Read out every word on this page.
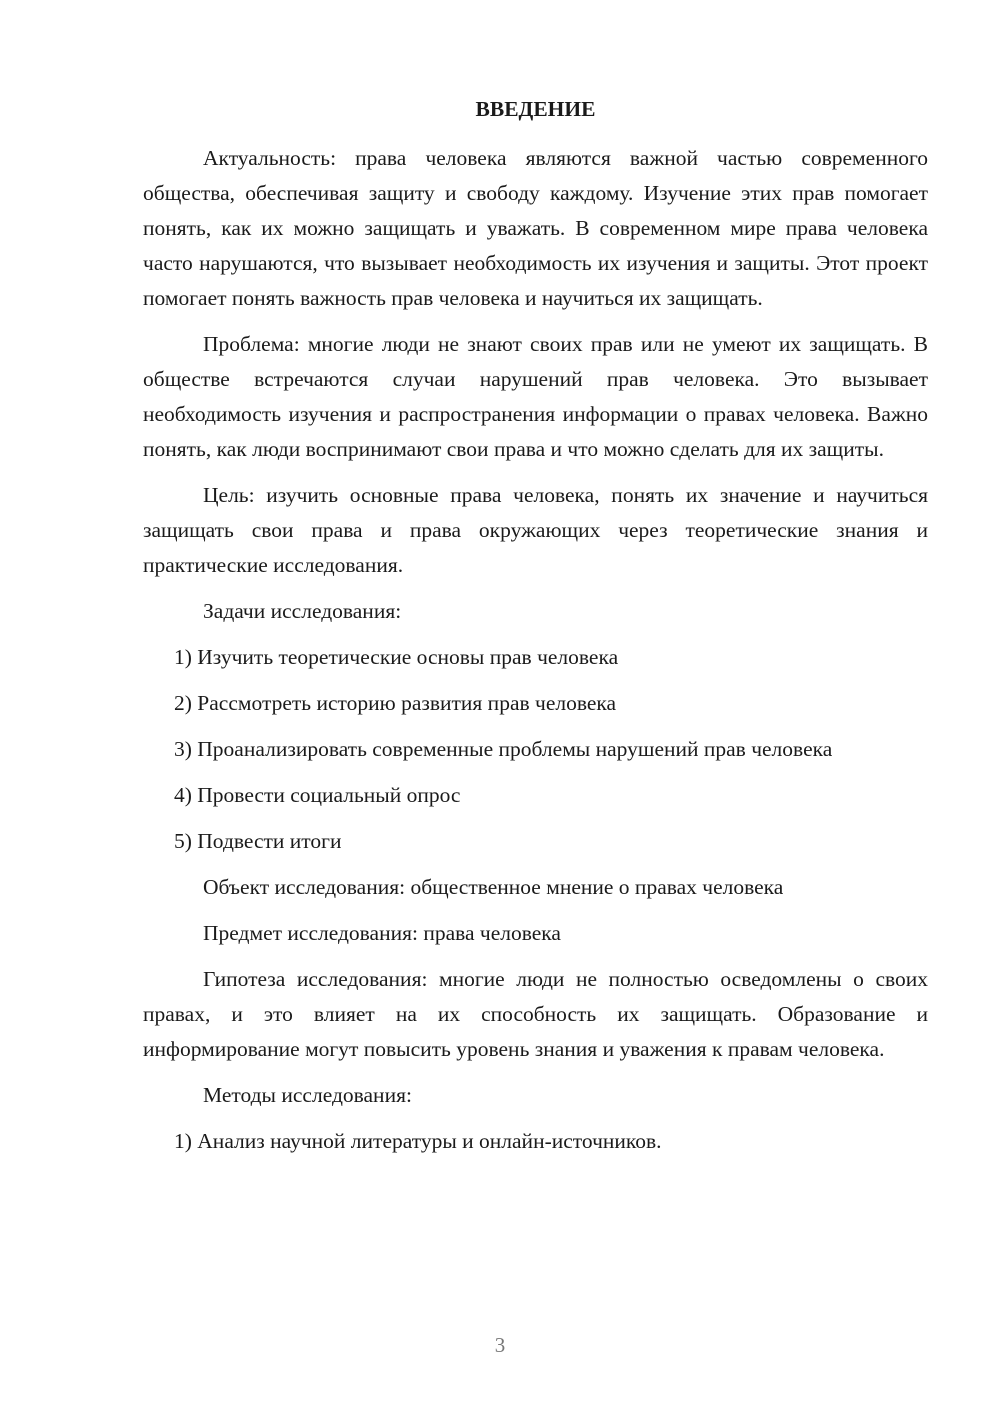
ВВЕДЕНИЕ

Актуальность: права человека являются важной частью современного общества, обеспечивая защиту и свободу каждому. Изучение этих прав помогает понять, как их можно защищать и уважать. В современном мире права человека часто нарушаются, что вызывает необходимость их изучения и защиты. Этот проект помогает понять важность прав человека и научиться их защищать.

Проблема: многие люди не знают своих прав или не умеют их защищать. В обществе встречаются случаи нарушений прав человека. Это вызывает необходимость изучения и распространения информации о правах человека. Важно понять, как люди воспринимают свои права и что можно сделать для их защиты.

Цель: изучить основные права человека, понять их значение и научиться защищать свои права и права окружающих через теоретические знания и практические исследования.

Задачи исследования:

1) Изучить теоретические основы прав человека

2) Рассмотреть историю развития прав человека

3) Проанализировать современные проблемы нарушений прав человека

4) Провести социальный опрос

5) Подвести итоги

Объект исследования: общественное мнение о правах человека

Предмет исследования: права человека

Гипотеза исследования: многие люди не полностью осведомлены о своих правах, и это влияет на их способность их защищать. Образование и информирование могут повысить уровень знания и уважения к правам человека.

Методы исследования:

1) Анализ научной литературы и онлайн-источников.

3
